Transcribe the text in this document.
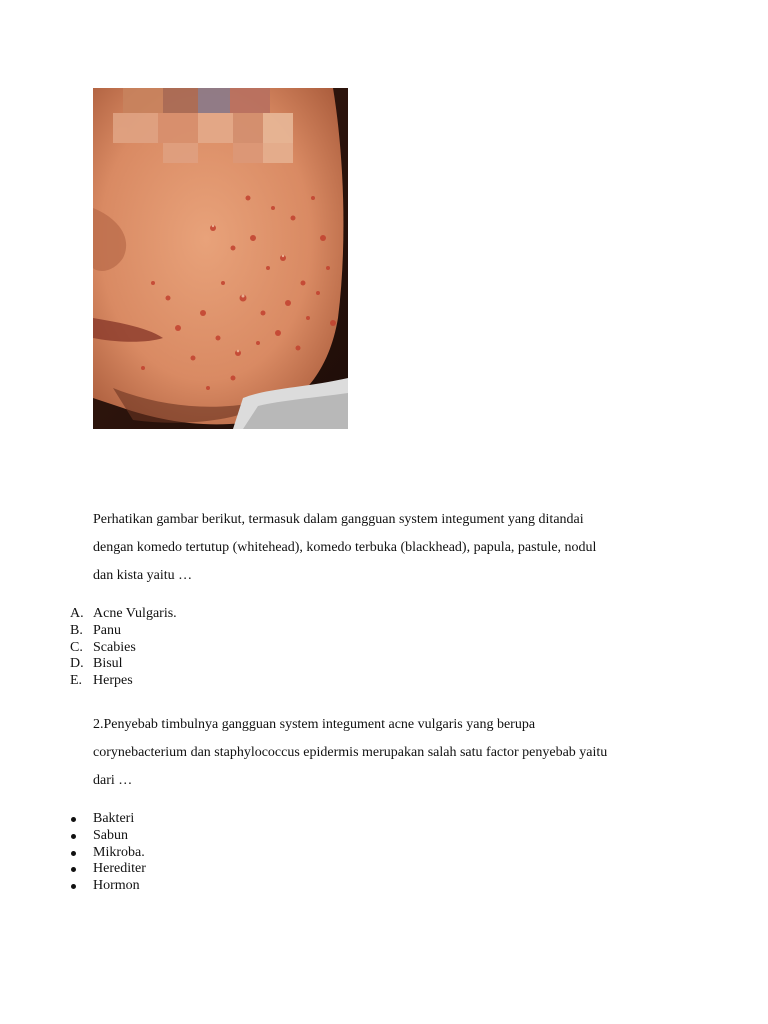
Perhatikan gambar berikut, termasuk dalam gangguan system integument yang ditandai
dengan komedo tertutup (whitehead), komedo terbuka (blackhead), papula, pastule, nodul
dan kista yaitu …
A. Acne Vulgaris.
B. Panu
C. Scabies
D. Bisul
E. Herpes
2.Penyebab timbulnya gangguan system integument acne vulgaris yang berupa
corynebacterium dan staphylococcus epidermis merupakan salah satu factor penyebab yaitu
dari …
Bakteri
Sabun
Mikroba.
Herediter
Hormon
